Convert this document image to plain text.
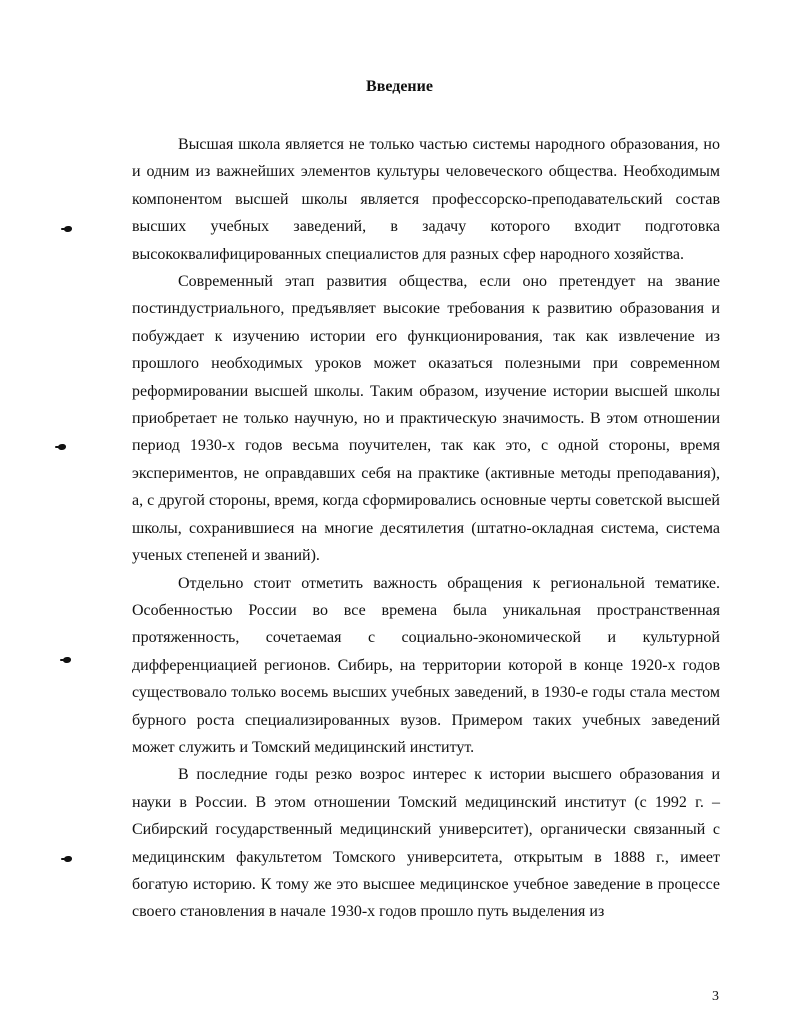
Введение

Высшая школа является не только частью системы народного образования, но и одним из важнейших элементов культуры человеческого общества. Необходимым компонентом высшей школы является профессорско-преподавательский состав высших учебных заведений, в задачу которого входит подготовка высококвалифицированных специалистов для разных сфер народного хозяйства.

Современный этап развития общества, если оно претендует на звание постиндустриального, предъявляет высокие требования к развитию образования и побуждает к изучению истории его функционирования, так как извлечение из прошлого необходимых уроков может оказаться полезными при современном реформировании высшей школы. Таким образом, изучение истории высшей школы приобретает не только научную, но и практическую значимость. В этом отношении период 1930-х годов весьма поучителен, так как это, с одной стороны, время экспериментов, не оправдавших себя на практике (активные методы преподавания), а, с другой стороны, время, когда сформировались основные черты советской высшей школы, сохранившиеся на многие десятилетия (штатно-окладная система, система ученых степеней и званий).

Отдельно стоит отметить важность обращения к региональной тематике. Особенностью России во все времена была уникальная пространственная протяженность, сочетаемая с социально-экономической и культурной дифференциацией регионов. Сибирь, на территории которой в конце 1920-х годов существовало только восемь высших учебных заведений, в 1930-е годы стала местом бурного роста специализированных вузов. Примером таких учебных заведений может служить и Томский медицинский институт.

В последние годы резко возрос интерес к истории высшего образования и науки в России. В этом отношении Томский медицинский институт (с 1992 г. – Сибирский государственный медицинский университет), органически связанный с медицинским факультетом Томского университета, открытым в 1888 г., имеет богатую историю. К тому же это высшее медицинское учебное заведение в процессе своего становления в начале 1930-х годов прошло путь выделения из

3
